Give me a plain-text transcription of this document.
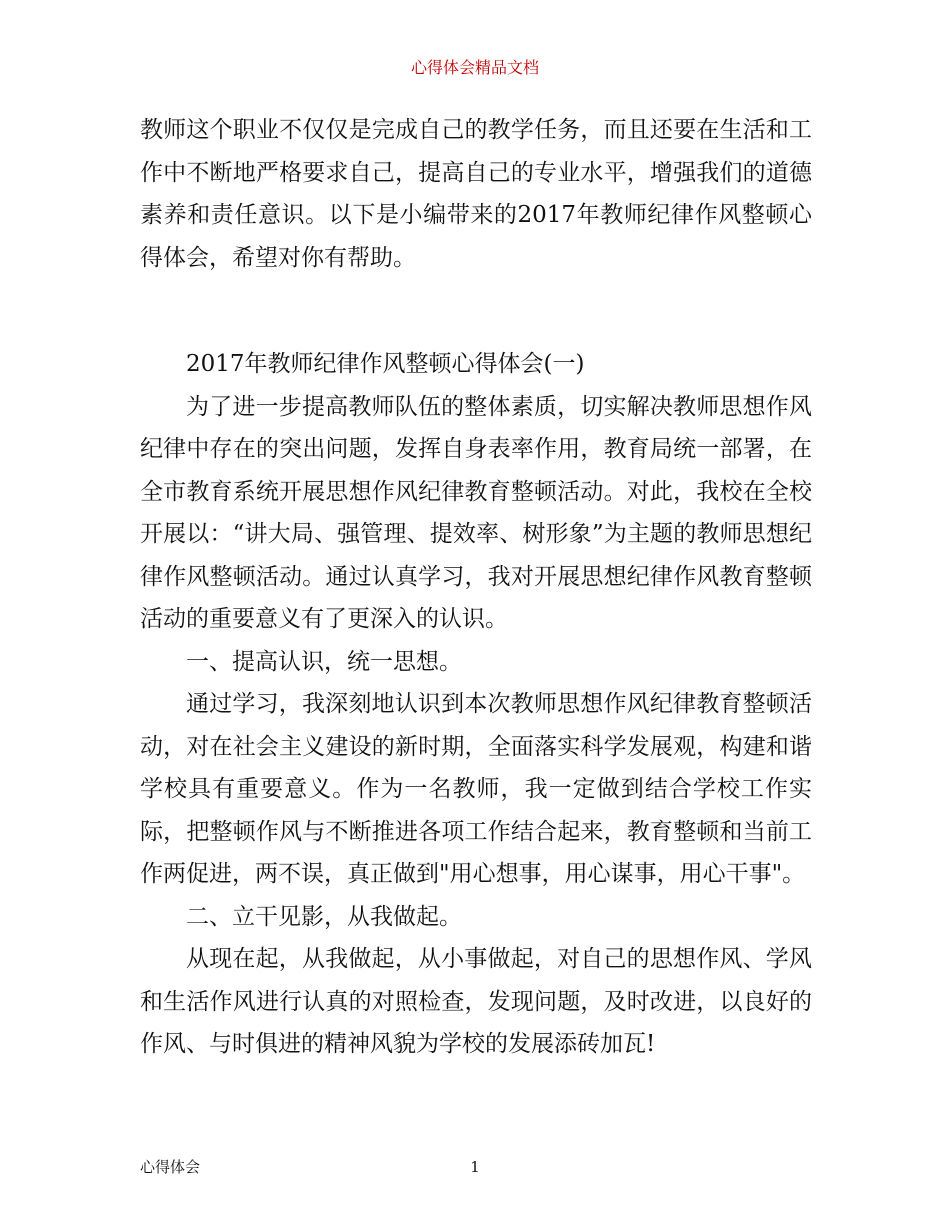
心得体会精品文档

教师这个职业不仅仅是完成自己的教学任务，而且还要在生活和工作中不断地严格要求自己，提高自己的专业水平，增强我们的道德素养和责任意识。以下是小编带来的2017年教师纪律作风整顿心得体会，希望对你有帮助。

2017年教师纪律作风整顿心得体会(一)

为了进一步提高教师队伍的整体素质，切实解决教师思想作风纪律中存在的突出问题，发挥自身表率作用，教育局统一部署，在全市教育系统开展思想作风纪律教育整顿活动。对此，我校在全校开展以：“讲大局、强管理、提效率、树形象”为主题的教师思想纪律作风整顿活动。通过认真学习，我对开展思想纪律作风教育整顿活动的重要意义有了更深入的认识。

一、提高认识，统一思想。

通过学习，我深刻地认识到本次教师思想作风纪律教育整顿活动，对在社会主义建设的新时期，全面落实科学发展观，构建和谐学校具有重要意义。作为一名教师，我一定做到结合学校工作实际，把整顿作风与不断推进各项工作结合起来，教育整顿和当前工作两促进，两不误，真正做到"用心想事，用心谋事，用心干事"。

二、立干见影，从我做起。

从现在起，从我做起，从小事做起，对自己的思想作风、学风和生活作风进行认真的对照检查，发现问题，及时改进，以良好的作风、与时俱进的精神风貌为学校的发展添砖加瓦!

心得体会	1
